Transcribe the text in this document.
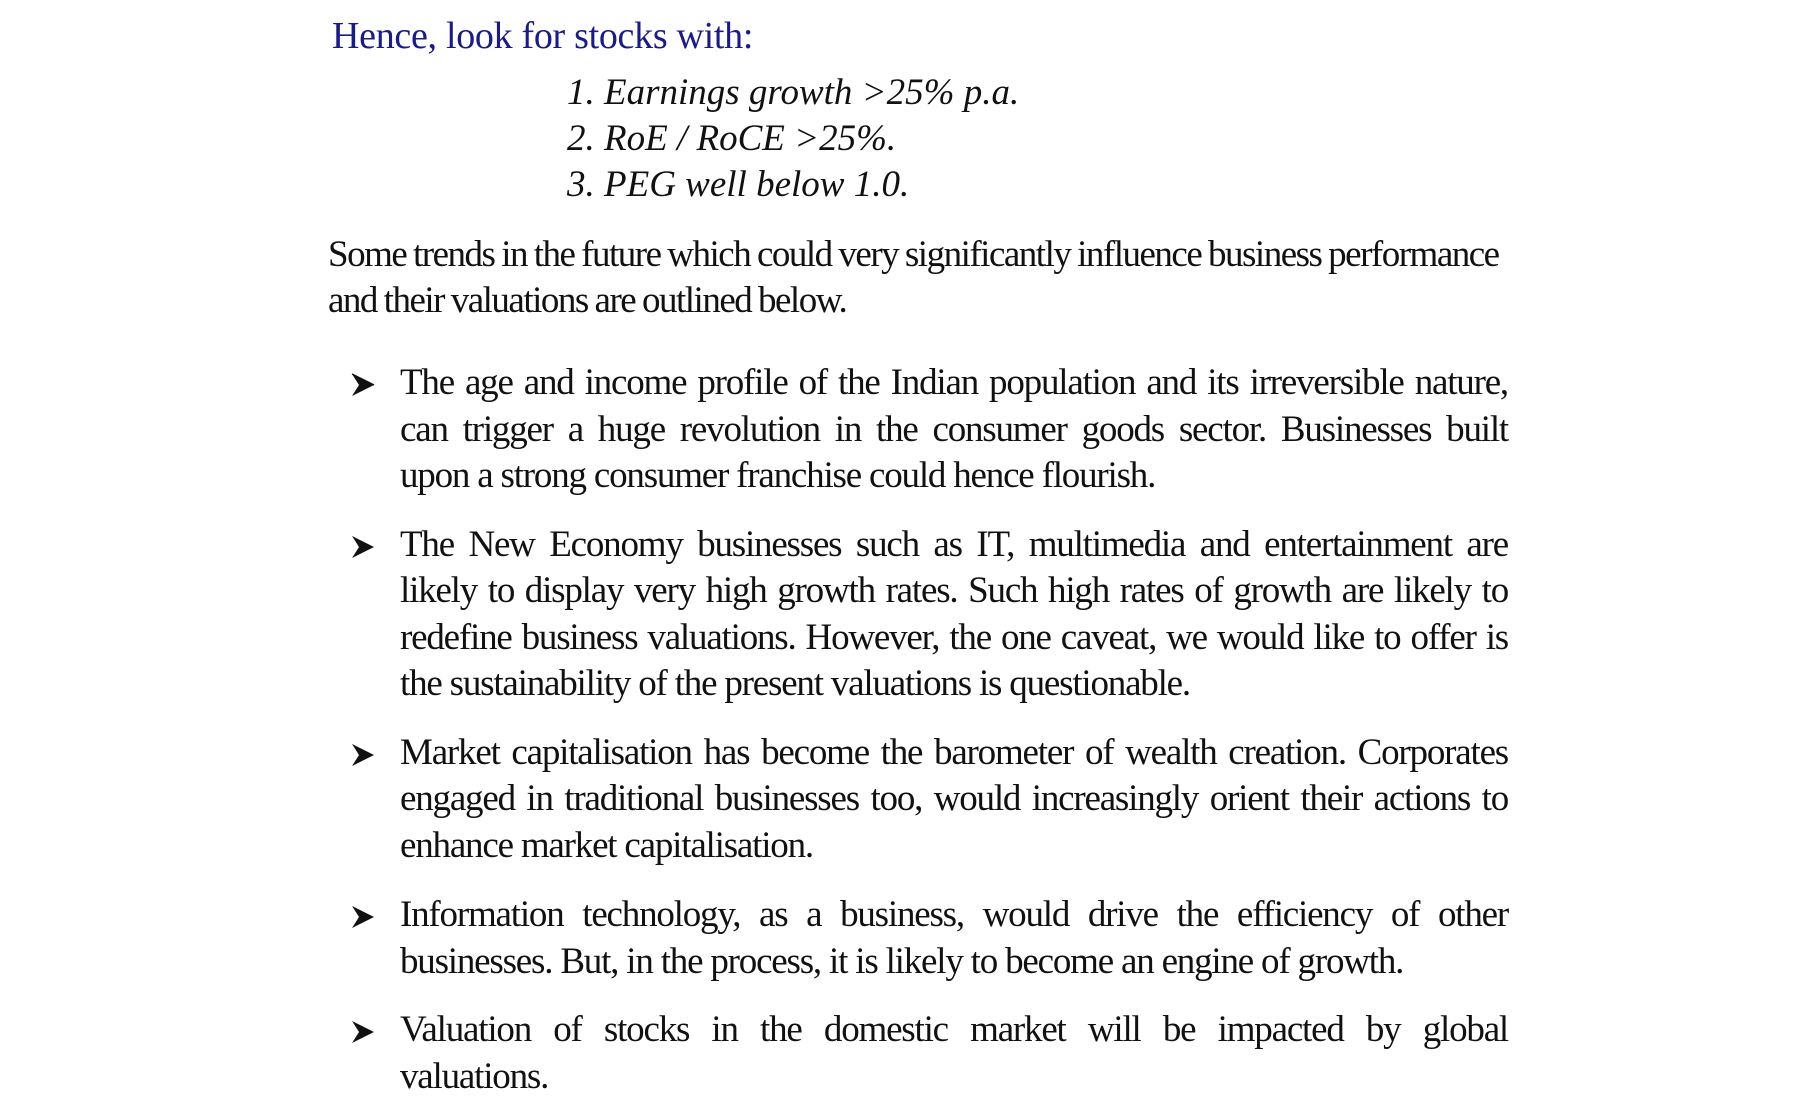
Hence, look for stocks with:
1. Earnings growth >25% p.a.
2. RoE / RoCE >25%.
3. PEG well below 1.0.

Some trends in the future which could very significantly influence business performance and their valuations are outlined below.

The age and income profile of the Indian population and its irreversible nature, can trigger a huge revolution in the consumer goods sector. Businesses built upon a strong consumer franchise could hence flourish.
The New Economy businesses such as IT, multimedia and entertainment are likely to display very high growth rates. Such high rates of growth are likely to redefine business valuations. However, the one caveat, we would like to offer is the sustainability of the present valuations is questionable.
Market capitalisation has become the barometer of wealth creation. Corporates engaged in traditional businesses too, would increasingly orient their actions to enhance market capitalisation.
Information technology, as a business, would drive the efficiency of other businesses. But, in the process, it is likely to become an engine of growth.
Valuation of stocks in the domestic market will be impacted by global valuations.
